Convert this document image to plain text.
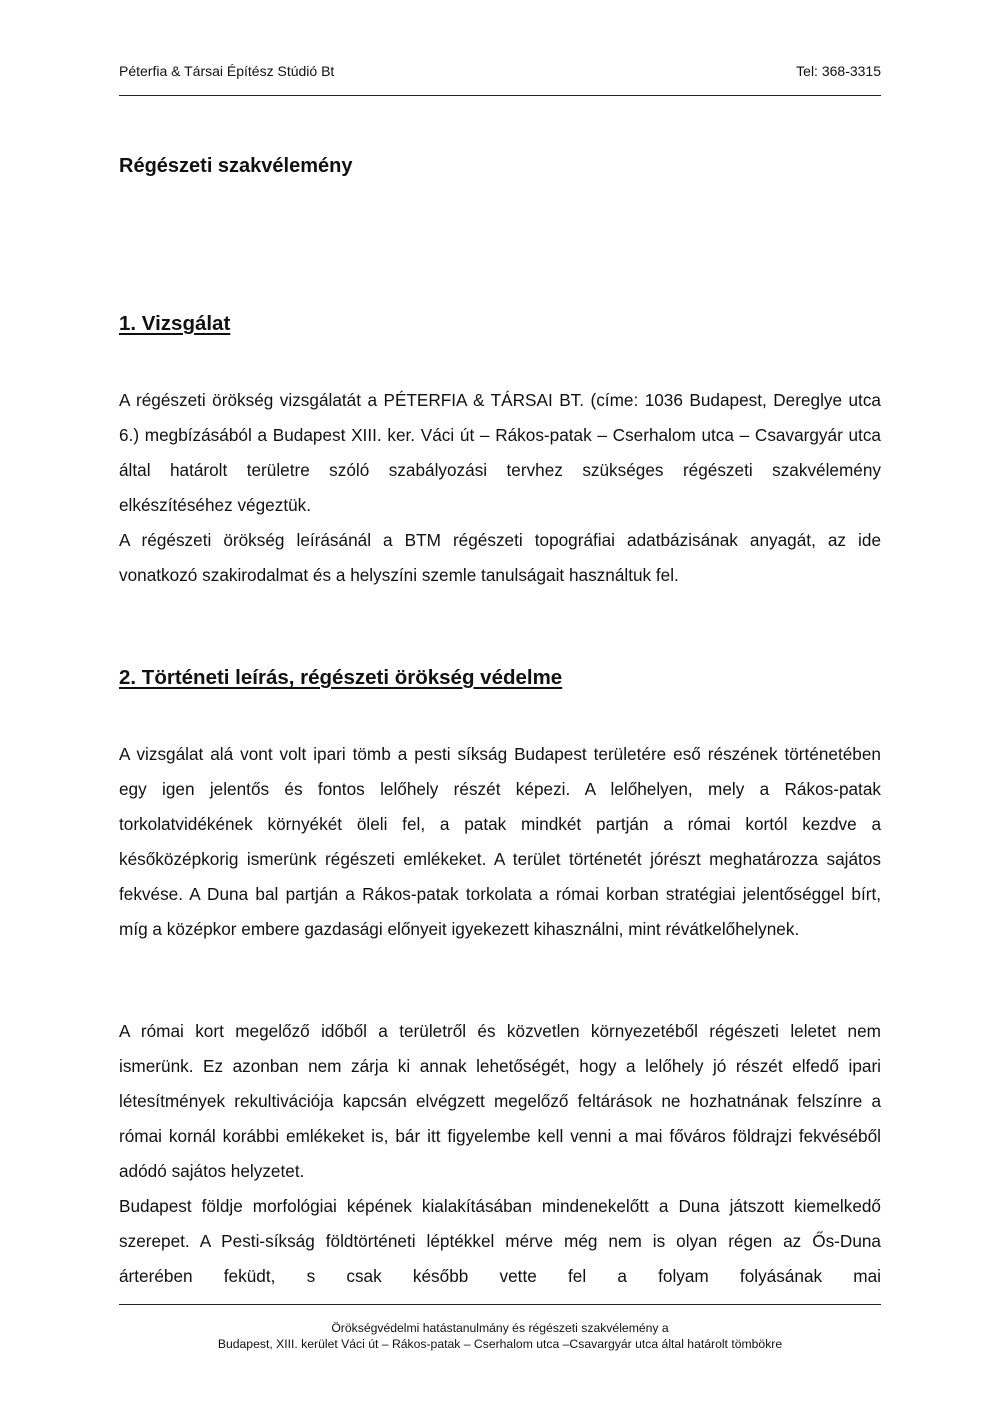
Péterfia & Társai Építész Stúdió Bt	Tel: 368-3315
Régészeti szakvélemény
1. Vizsgálat

A régészeti örökség vizsgálatát a PÉTERFIA & TÁRSAI BT. (címe: 1036 Budapest, Dereglye utca 6.) megbízásából a Budapest XIII. ker. Váci út – Rákos-patak – Cserhalom utca – Csavargyár utca által határolt területre szóló szabályozási tervhez szükséges régészeti szakvélemény elkészítéséhez végeztük.

A régészeti örökség leírásánál a BTM régészeti topográfiai adatbázisának anyagát, az ide vonatkozó szakirodalmat és a helyszíni szemle tanulságait használtuk fel.

2. Történeti leírás, régészeti örökség védelme

A vizsgálat alá vont volt ipari tömb a pesti síkság Budapest területére eső részének történetében egy igen jelentős és fontos lelőhely részét képezi. A lelőhelyen, mely a Rákos-patak torkolatvidékének környékét öleli fel, a patak mindkét partján a római kortól kezdve a későközépkorig ismerünk régészeti emlékeket. A terület történetét jórészt meghatározza sajátos fekvése. A Duna bal partján a Rákos-patak torkolata a római korban stratégiai jelentőséggel bírt, míg a középkor embere gazdasági előnyeit igyekezett kihasználni, mint révátkelőhelynek.

A római kort megelőző időből a területről és közvetlen környezetéből régészeti leletet nem ismerünk. Ez azonban nem zárja ki annak lehetőségét, hogy a lelőhely jó részét elfedő ipari létesítmények rekultivációja kapcsán elvégzett megelőző feltárások ne hozhatnának felszínre a római kornál korábbi emlékeket is, bár itt figyelembe kell venni a mai főváros földrajzi fekvéséből adódó sajátos helyzetet.

Budapest földje morfológiai képének kialakításában mindenekelőtt a Duna játszott kiemelkedő szerepet. A Pesti-síkság földtörténeti léptékkel mérve még nem is olyan régen az Ős-Duna árterében feküdt, s csak később vette fel a folyam folyásának mai

Örökségvédelmi hatástanulmány és régészeti szakvélemény a
Budapest, XIII. kerület Váci út – Rákos-patak – Cserhalom utca –Csavargyár utca által határolt tömbökre
